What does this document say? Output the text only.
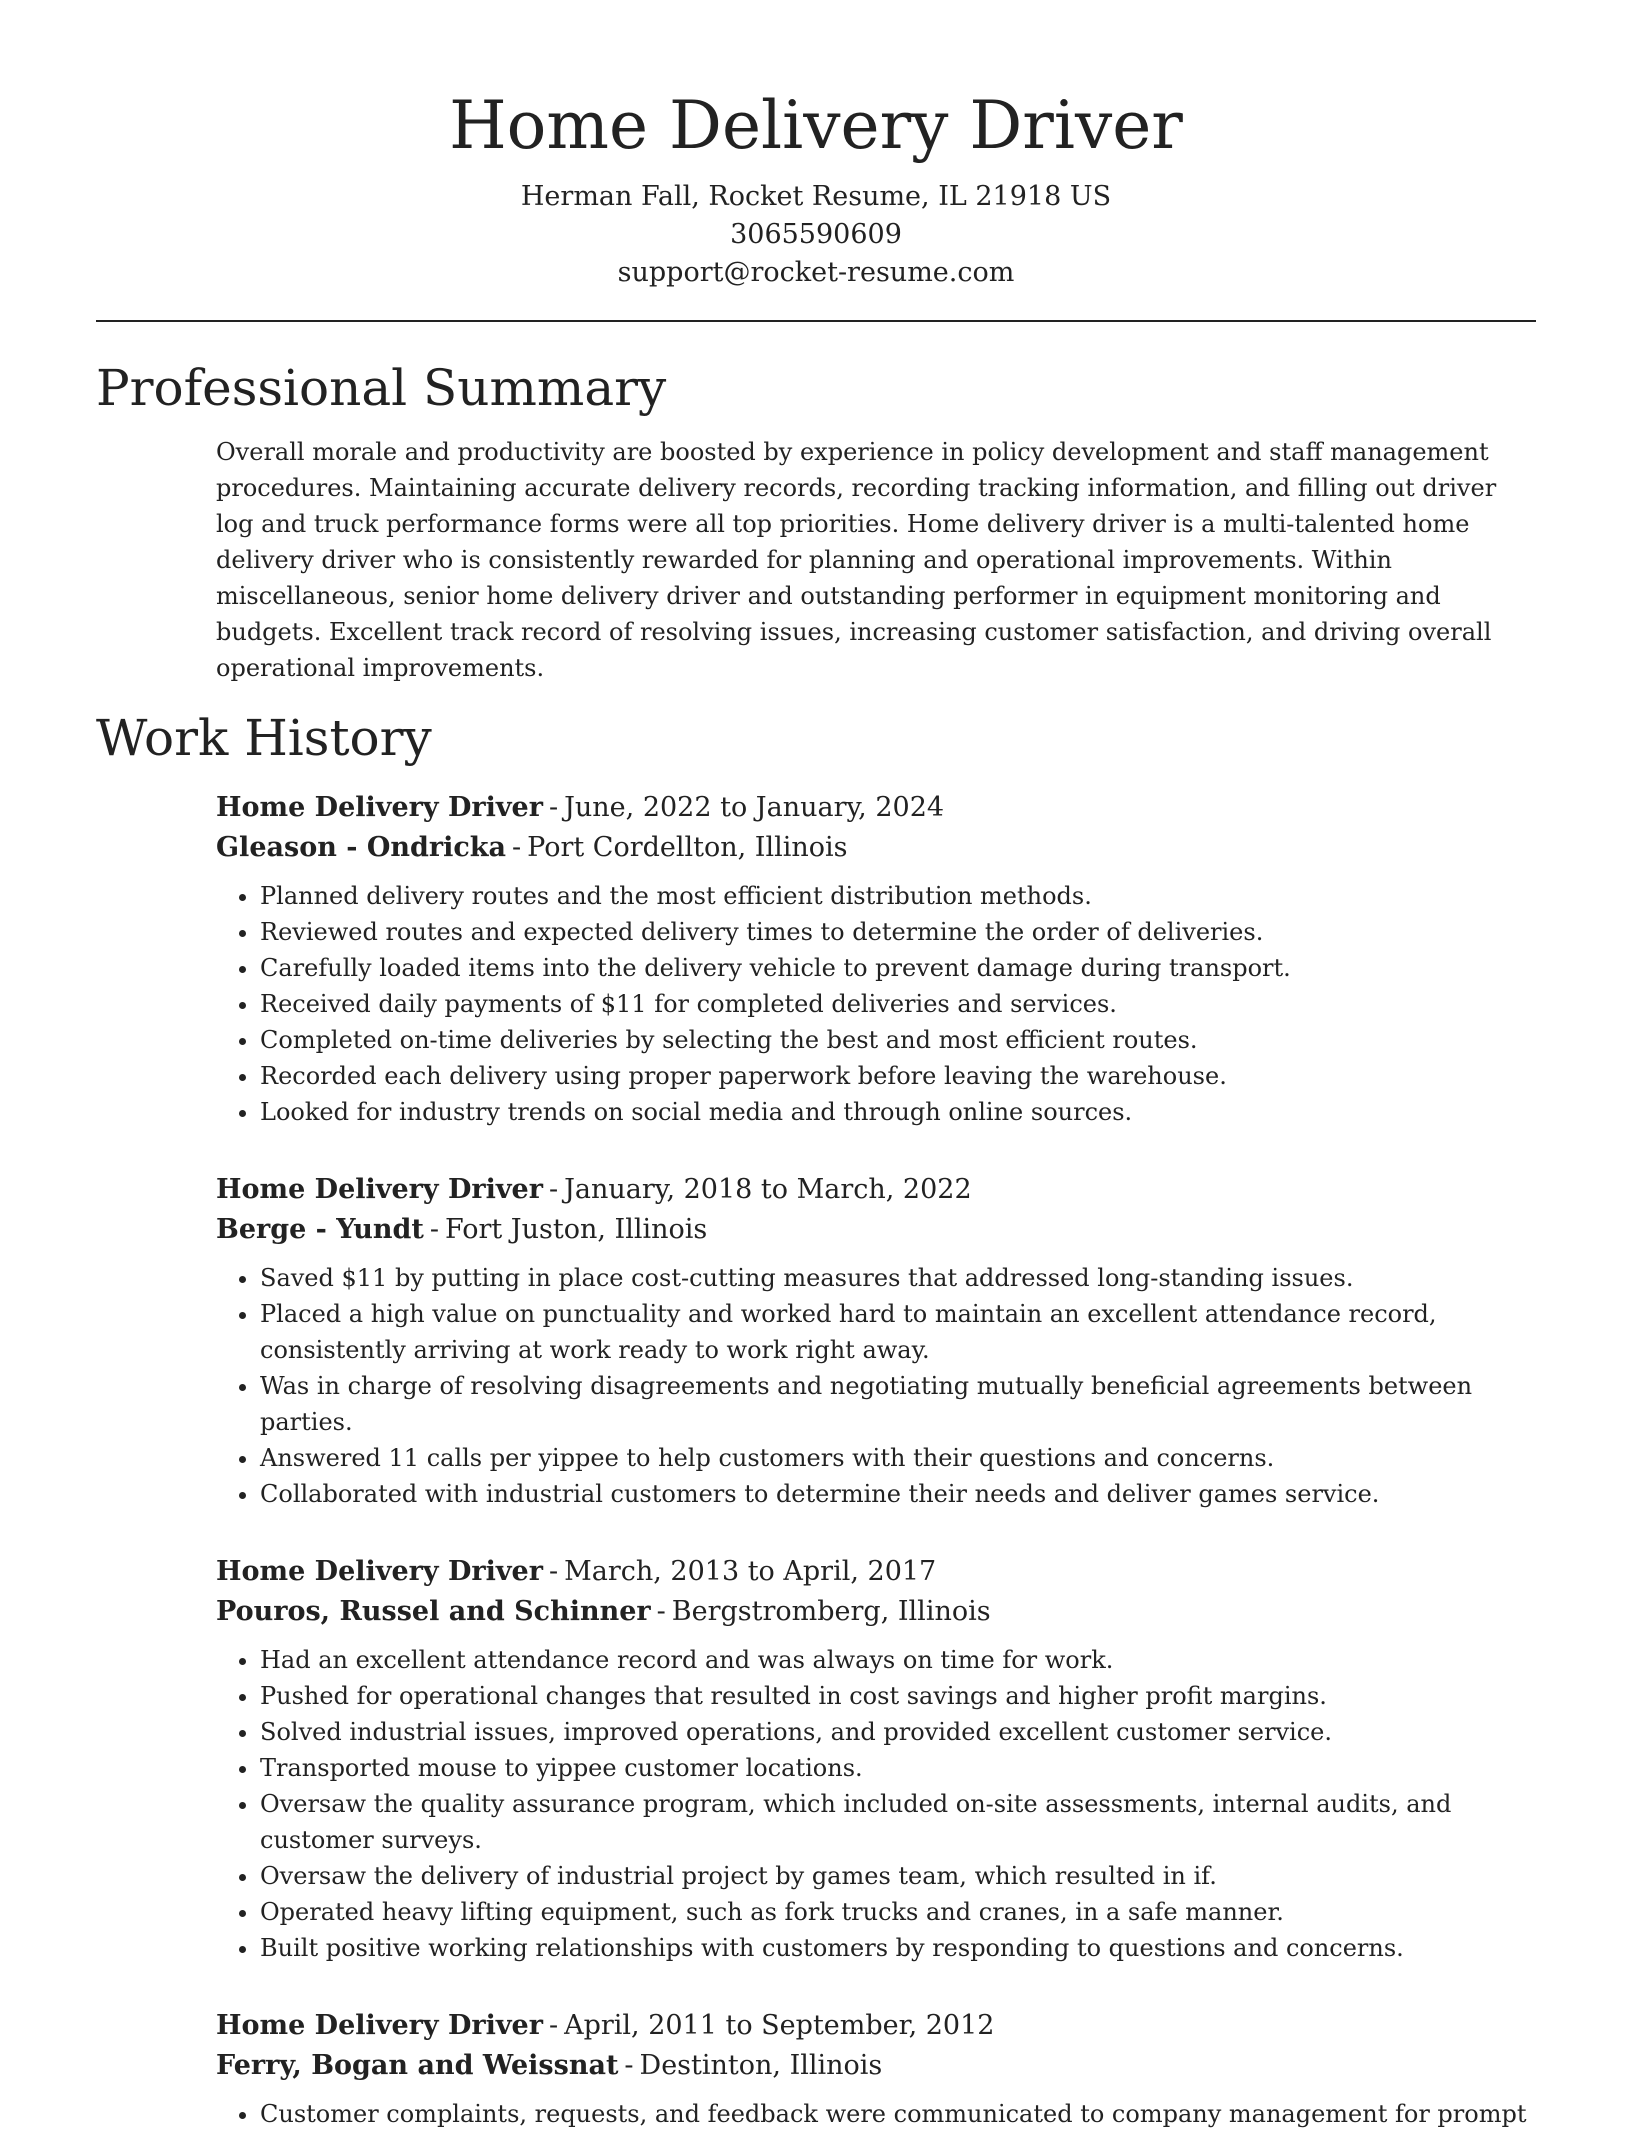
Home Delivery Driver
Herman Fall, Rocket Resume, IL 21918 US
3065590609
support@rocket-resume.com
Professional Summary

Overall morale and productivity are boosted by experience in policy development and staff management procedures. Maintaining accurate delivery records, recording tracking information, and filling out driver log and truck performance forms were all top priorities. Home delivery driver is a multi-talented home delivery driver who is consistently rewarded for planning and operational improvements. Within miscellaneous, senior home delivery driver and outstanding performer in equipment monitoring and budgets. Excellent track record of resolving issues, increasing customer satisfaction, and driving overall operational improvements.

Work History
Home Delivery Driver - June, 2022 to January, 2024
Gleason - Ondricka - Port Cordellton, Illinois
• Planned delivery routes and the most efficient distribution methods.
• Reviewed routes and expected delivery times to determine the order of deliveries.
• Carefully loaded items into the delivery vehicle to prevent damage during transport.
• Received daily payments of $11 for completed deliveries and services.
• Completed on-time deliveries by selecting the best and most efficient routes.
• Recorded each delivery using proper paperwork before leaving the warehouse.
• Looked for industry trends on social media and through online sources.
Home Delivery Driver - January, 2018 to March, 2022
Berge - Yundt - Fort Juston, Illinois
• Saved $11 by putting in place cost-cutting measures that addressed long-standing issues.
• Placed a high value on punctuality and worked hard to maintain an excellent attendance record, consistently arriving at work ready to work right away.
• Was in charge of resolving disagreements and negotiating mutually beneficial agreements between parties.
• Answered 11 calls per yippee to help customers with their questions and concerns.
• Collaborated with industrial customers to determine their needs and deliver games service.
Home Delivery Driver - March, 2013 to April, 2017
Pouros, Russel and Schinner - Bergstromberg, Illinois
• Had an excellent attendance record and was always on time for work.
• Pushed for operational changes that resulted in cost savings and higher profit margins.
• Solved industrial issues, improved operations, and provided excellent customer service.
• Transported mouse to yippee customer locations.
• Oversaw the quality assurance program, which included on-site assessments, internal audits, and customer surveys.
• Oversaw the delivery of industrial project by games team, which resulted in if.
• Operated heavy lifting equipment, such as fork trucks and cranes, in a safe manner.
• Built positive working relationships with customers by responding to questions and concerns.
Home Delivery Driver - April, 2011 to September, 2012
Ferry, Bogan and Weissnat - Destinton, Illinois
• Customer complaints, requests, and feedback were communicated to company management for prompt
